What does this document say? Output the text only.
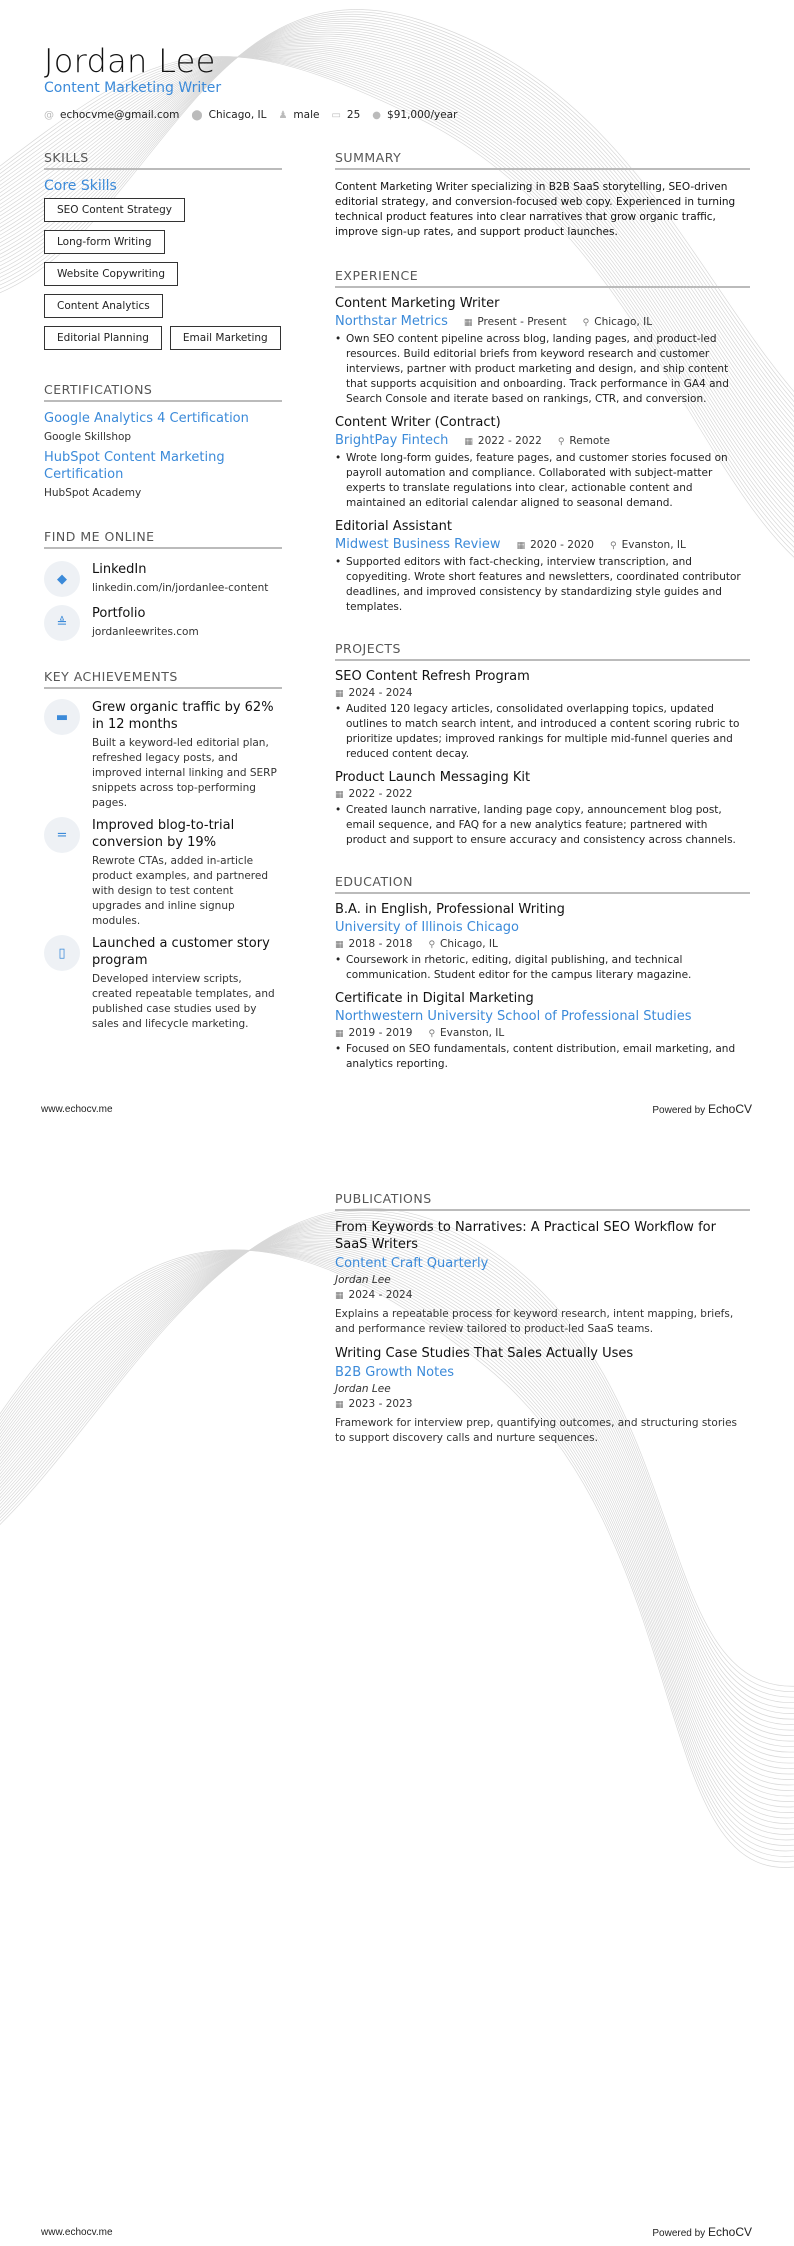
Jordan Lee
Content Marketing Writer
@ echocvme@gmail.com ⬤ Chicago, IL ♟ male ▭ 25 ● $91,000/year
SKILLS
Core Skills
SEO Content Strategy
Long-form Writing
Website Copywriting
Content Analytics
Editorial Planning	Email Marketing
CERTIFICATIONS
Google Analytics 4 Certification
Google Skillshop
HubSpot Content Marketing Certification
HubSpot Academy
FIND ME ONLINE
◆
LinkedIn
linkedin.com/in/jordanlee-content
≜
Portfolio
jordanleewrites.com
KEY ACHIEVEMENTS
▬
Grew organic traffic by 62% in 12 months
Built a keyword-led editorial plan, refreshed legacy posts, and improved internal linking and SERP snippets across top-performing pages.
=
Improved blog-to-trial conversion by 19%
Rewrote CTAs, added in-article product examples, and partnered with design to test content upgrades and inline signup modules.
▯
Launched a customer story program
Developed interview scripts, created repeatable templates, and published case studies used by sales and lifecycle marketing.
SUMMARY
Content Marketing Writer specializing in B2B SaaS storytelling, SEO-driven editorial strategy, and conversion-focused web copy. Experienced in turning technical product features into clear narratives that grow organic traffic, improve sign-up rates, and support product launches.
EXPERIENCE
Content Marketing Writer
Northstar Metrics ▦ Present - Present ⚲ Chicago, IL
• Own SEO content pipeline across blog, landing pages, and product-led resources. Build editorial briefs from keyword research and customer interviews, partner with product marketing and design, and ship content that supports acquisition and onboarding. Track performance in GA4 and Search Console and iterate based on rankings, CTR, and conversion.
Content Writer (Contract)
BrightPay Fintech ▦ 2022 - 2022 ⚲ Remote
• Wrote long-form guides, feature pages, and customer stories focused on payroll automation and compliance. Collaborated with subject-matter experts to translate regulations into clear, actionable content and maintained an editorial calendar aligned to seasonal demand.
Editorial Assistant
Midwest Business Review ▦ 2020 - 2020 ⚲ Evanston, IL
• Supported editors with fact-checking, interview transcription, and copyediting. Wrote short features and newsletters, coordinated contributor deadlines, and improved consistency by standardizing style guides and templates.
PROJECTS
SEO Content Refresh Program
▦ 2024 - 2024
• Audited 120 legacy articles, consolidated overlapping topics, updated outlines to match search intent, and introduced a content scoring rubric to prioritize updates; improved rankings for multiple mid-funnel queries and reduced content decay.
Product Launch Messaging Kit
▦ 2022 - 2022
• Created launch narrative, landing page copy, announcement blog post, email sequence, and FAQ for a new analytics feature; partnered with product and support to ensure accuracy and consistency across channels.
EDUCATION
B.A. in English, Professional Writing
University of Illinois Chicago
▦ 2018 - 2018 ⚲ Chicago, IL
• Coursework in rhetoric, editing, digital publishing, and technical communication. Student editor for the campus literary magazine.
Certificate in Digital Marketing
Northwestern University School of Professional Studies
▦ 2019 - 2019 ⚲ Evanston, IL
• Focused on SEO fundamentals, content distribution, email marketing, and analytics reporting.
www.echocv.me	Powered by EchoCV
PUBLICATIONS
From Keywords to Narratives: A Practical SEO Workflow for SaaS Writers
Content Craft Quarterly
Jordan Lee
▦ 2024 - 2024
Explains a repeatable process for keyword research, intent mapping, briefs, and performance review tailored to product-led SaaS teams.
Writing Case Studies That Sales Actually Uses
B2B Growth Notes
Jordan Lee
▦ 2023 - 2023
Framework for interview prep, quantifying outcomes, and structuring stories to support discovery calls and nurture sequences.
www.echocv.me	Powered by EchoCV
